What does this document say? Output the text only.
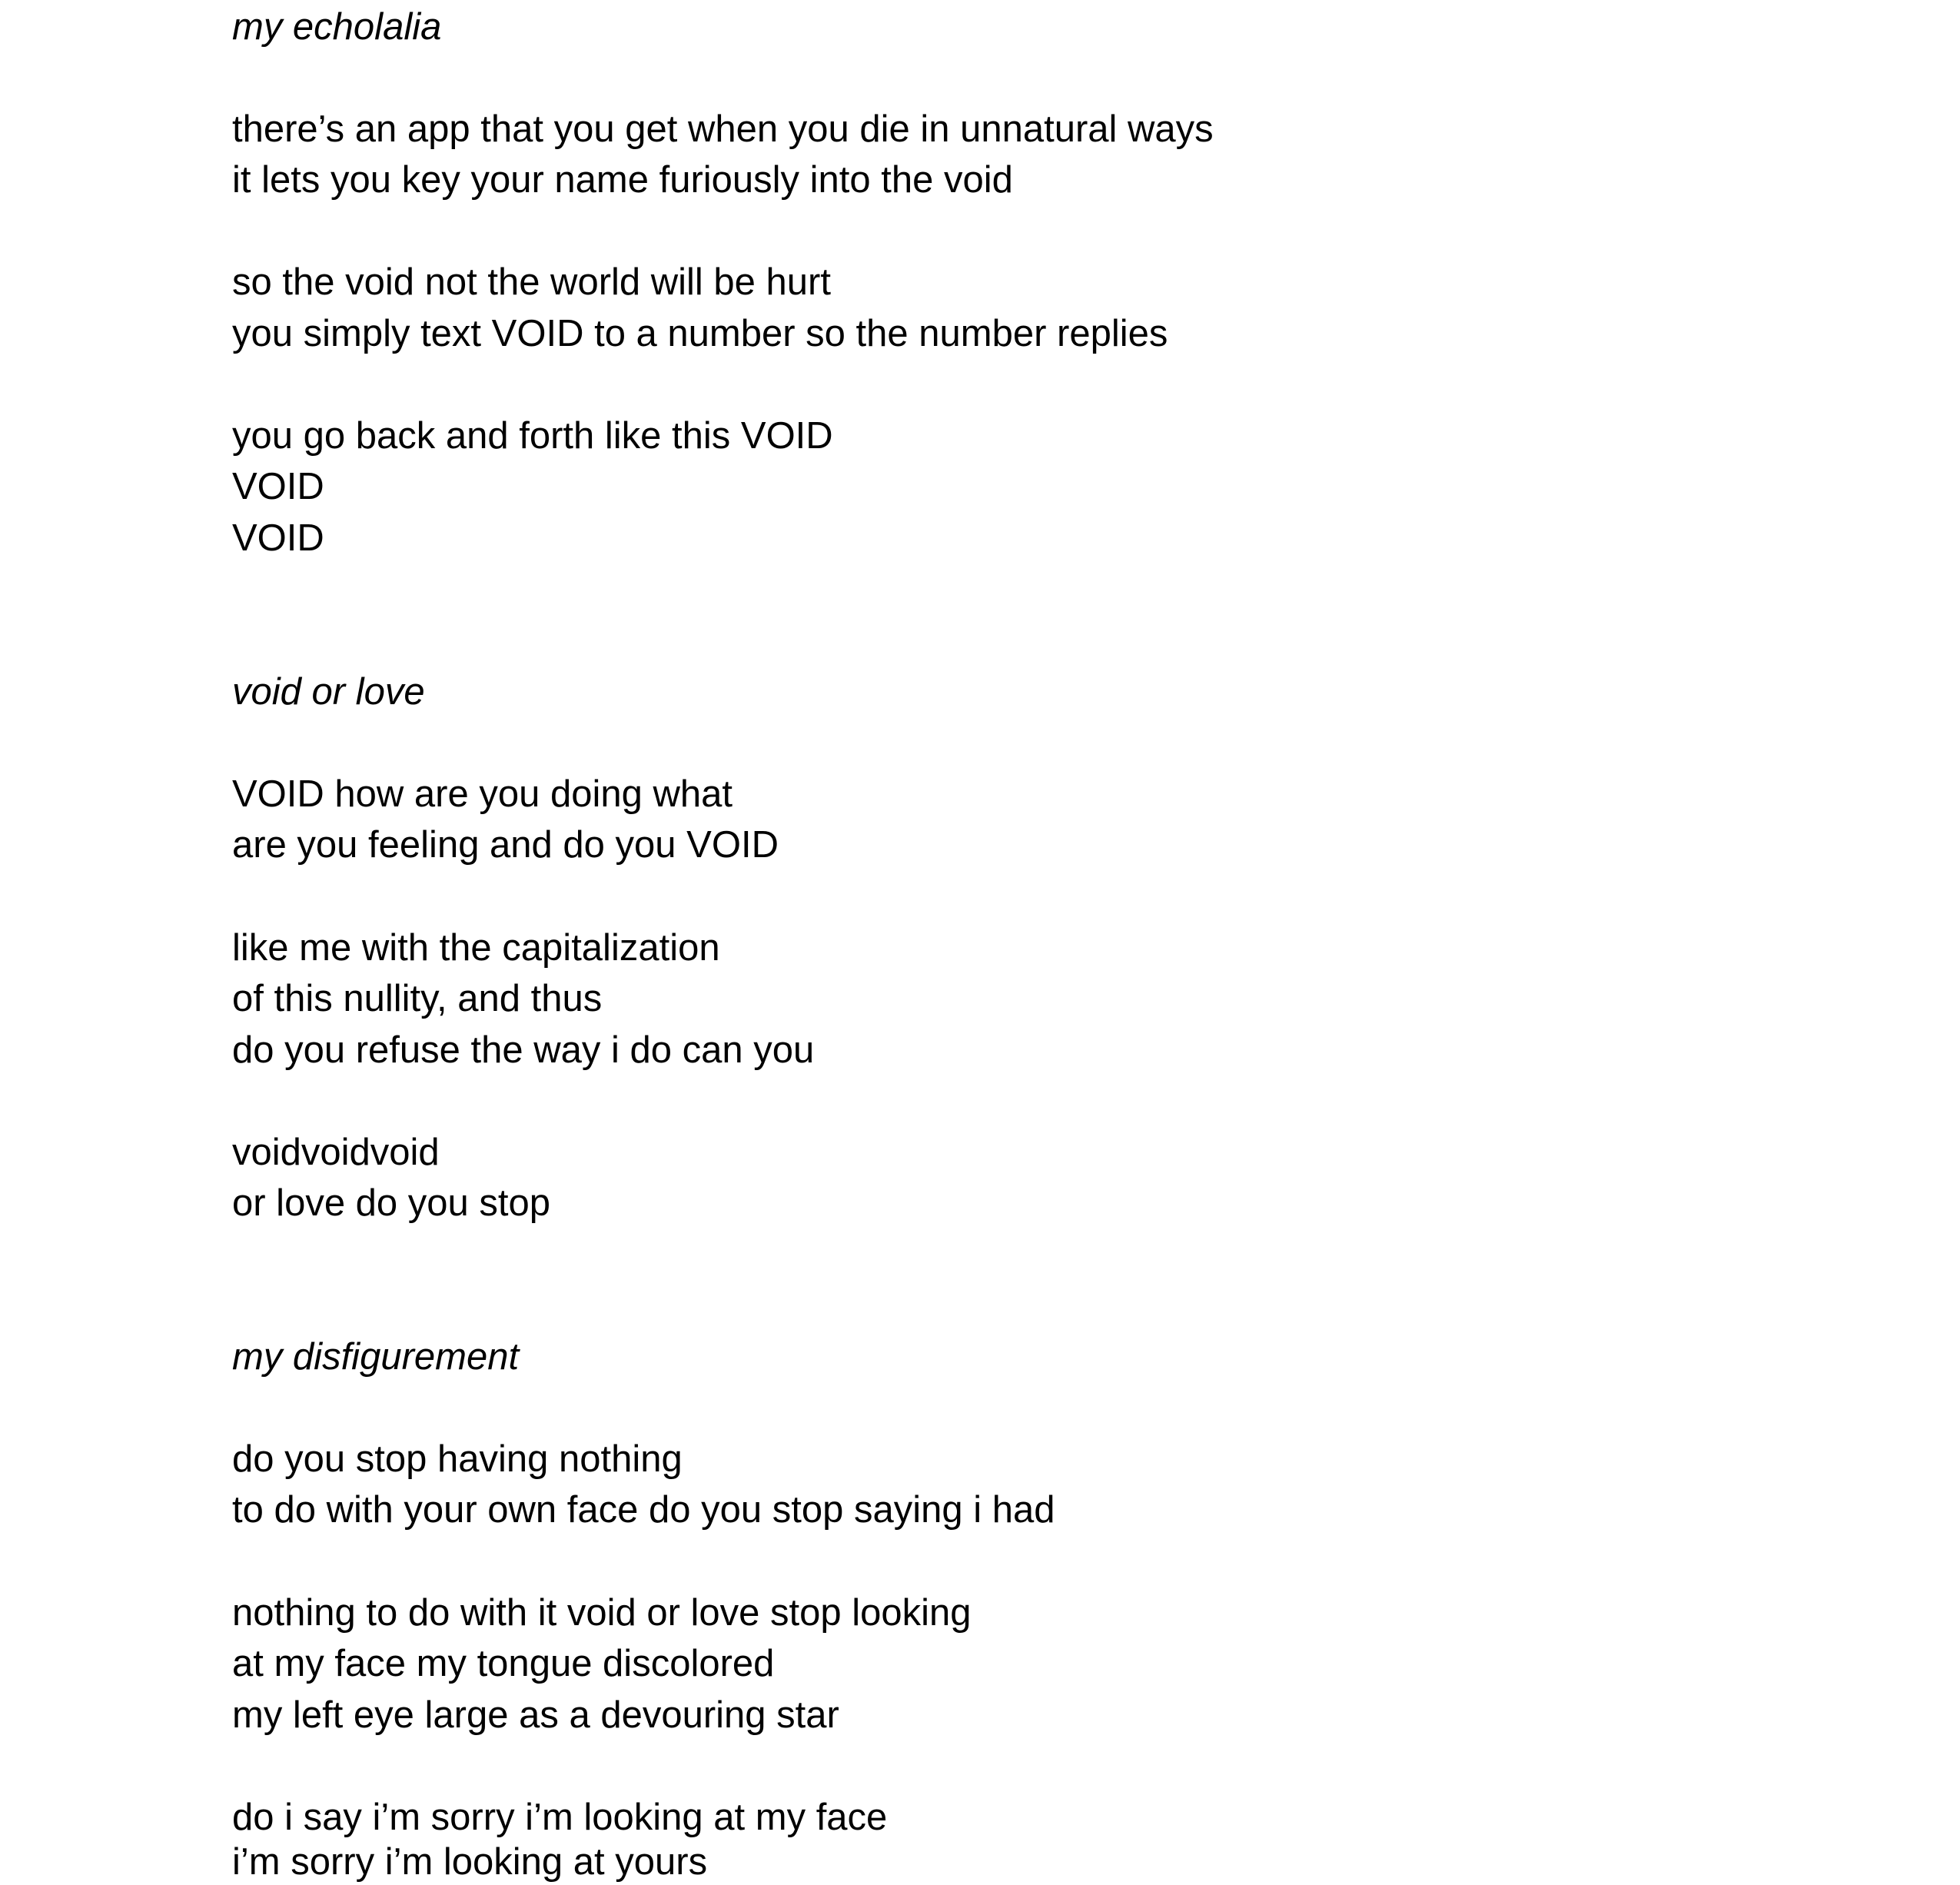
my echolalia
there’s an app that you get when you die in unnatural ways
it lets you key your name furiously into the void
so the void not the world will be hurt
you simply text VOID to a number so the number replies
you go back and forth like this VOID
VOID
VOID
void or love
VOID how are you doing what
are you feeling and do you VOID
like me with the capitalization
of this nullity, and thus
do you refuse the way i do can you
voidvoidvoid
or love do you stop
my disfigurement
do you stop having nothing
to do with your own face do you stop saying i had
nothing to do with it void or love stop looking
at my face my tongue discolored
my left eye large as a devouring star
do i say i’m sorry i’m looking at my face
i’m sorry i’m looking at yours
